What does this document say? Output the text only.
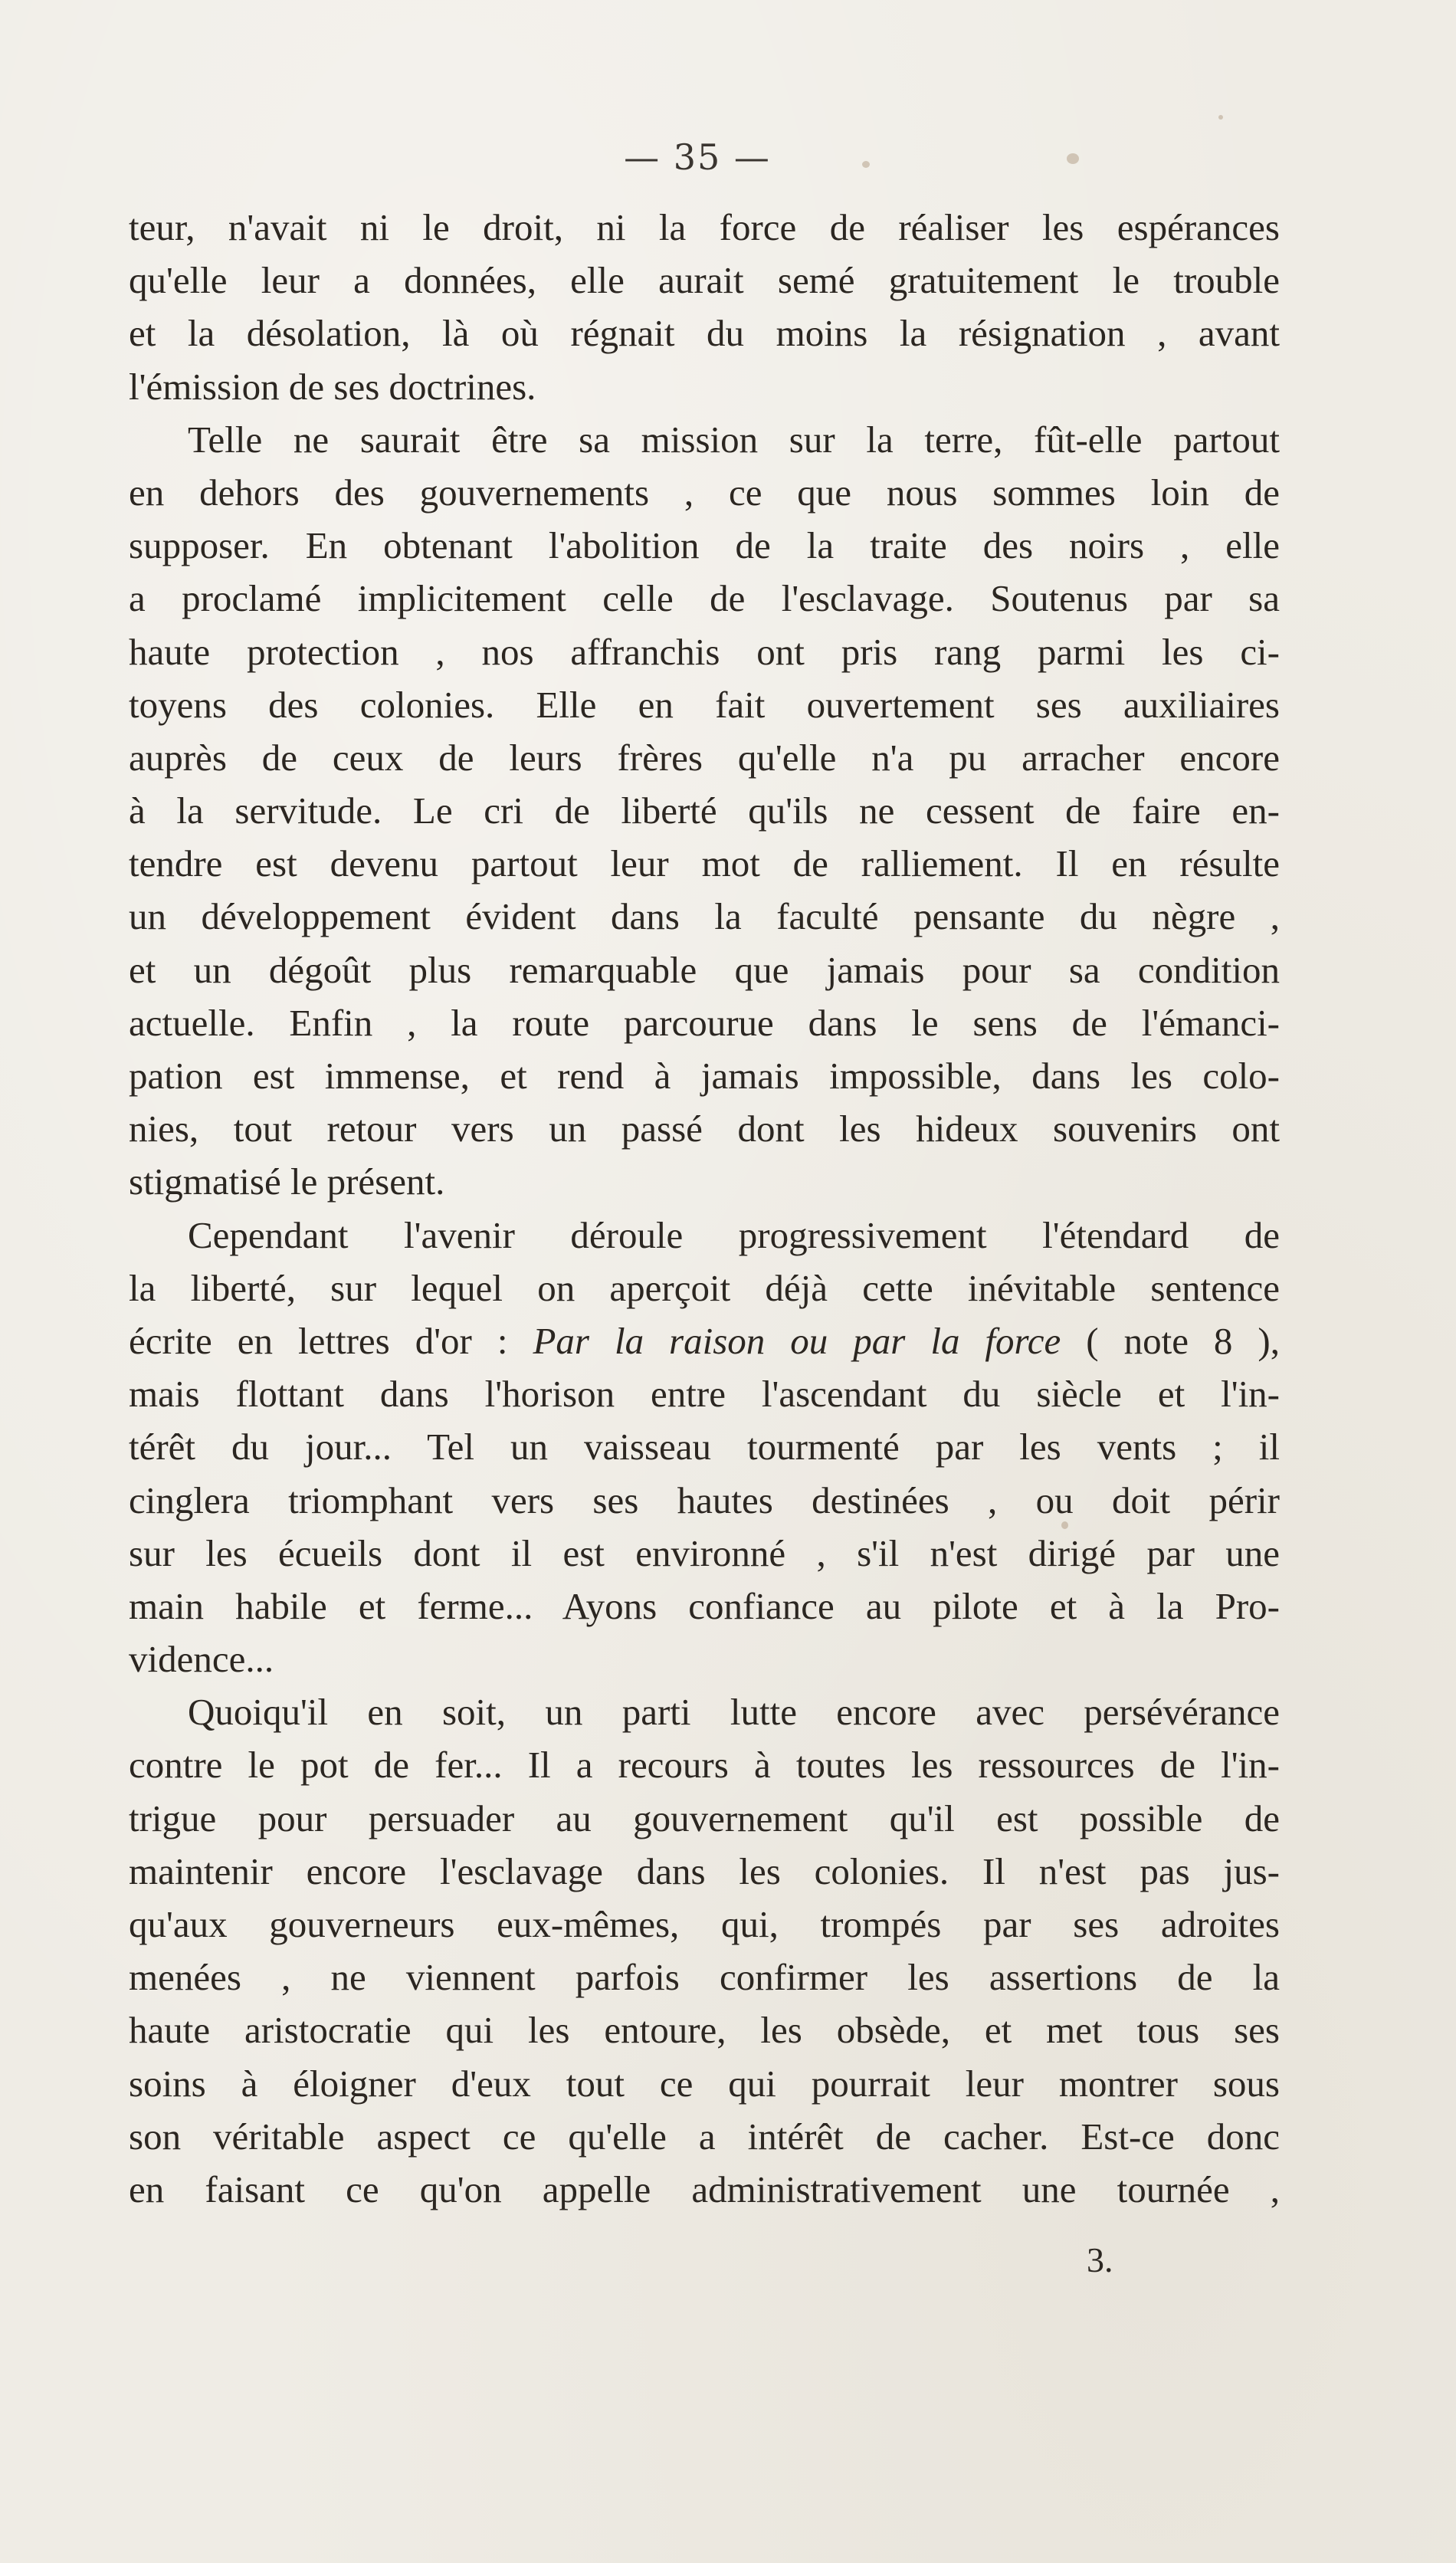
— 35 —
teur, n'avait ni le droit, ni la force de réaliser les espérances
qu'elle leur a données, elle aurait semé gratuitement le trouble
et la désolation, là où régnait du moins la résignation , avant
l'émission de ses doctrines.
Telle ne saurait être sa mission sur la terre, fût-elle partout
en dehors des gouvernements , ce que nous sommes loin de
supposer. En obtenant l'abolition de la traite des noirs , elle
a proclamé implicitement celle de l'esclavage. Soutenus par sa
haute protection , nos affranchis ont pris rang parmi les ci-
toyens des colonies. Elle en fait ouvertement ses auxiliaires
auprès de ceux de leurs frères qu'elle n'a pu arracher encore
à la servitude. Le cri de liberté qu'ils ne cessent de faire en-
tendre est devenu partout leur mot de ralliement. Il en résulte
un développement évident dans la faculté pensante du nègre ,
et un dégoût plus remarquable que jamais pour sa condition
actuelle. Enfin , la route parcourue dans le sens de l'émanci-
pation est immense, et rend à jamais impossible, dans les colo-
nies, tout retour vers un passé dont les hideux souvenirs ont
stigmatisé le présent.
Cependant l'avenir déroule progressivement l'étendard de
la liberté, sur lequel on aperçoit déjà cette inévitable sentence
écrite en lettres d'or : Par la raison ou par la force ( note 8 ),
mais flottant dans l'horison entre l'ascendant du siècle et l'in-
térêt du jour... Tel un vaisseau tourmenté par les vents ; il
cinglera triomphant vers ses hautes destinées , ou doit périr
sur les écueils dont il est environné , s'il n'est dirigé par une
main habile et ferme... Ayons confiance au pilote et à la Pro-
vidence...
Quoiqu'il en soit, un parti lutte encore avec persévérance
contre le pot de fer... Il a recours à toutes les ressources de l'in-
trigue pour persuader au gouvernement qu'il est possible de
maintenir encore l'esclavage dans les colonies. Il n'est pas jus-
qu'aux gouverneurs eux-mêmes, qui, trompés par ses adroites
menées , ne viennent parfois confirmer les assertions de la
haute aristocratie qui les entoure, les obsède, et met tous ses
soins à éloigner d'eux tout ce qui pourrait leur montrer sous
son véritable aspect ce qu'elle a intérêt de cacher. Est-ce donc
en faisant ce qu'on appelle administrativement une tournée ,
3.
